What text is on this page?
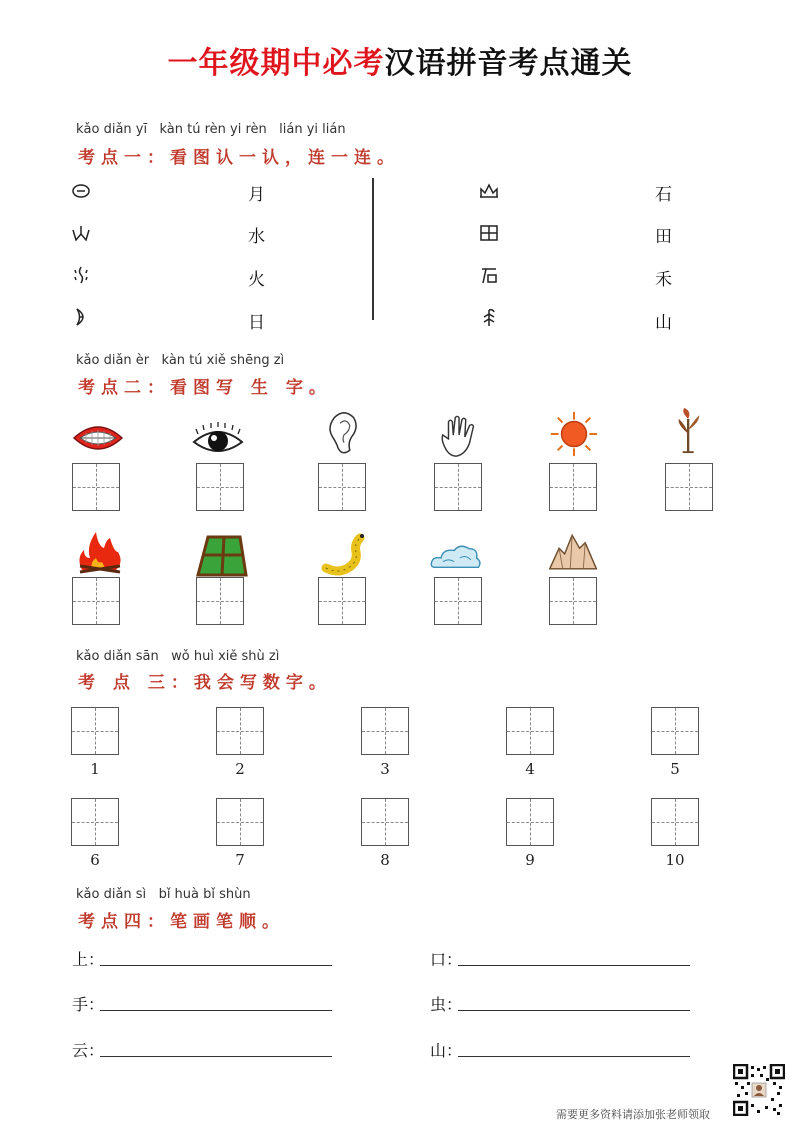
一年级期中必考汉语拼音考点通关
kǎo diǎn yī   kàn tú rèn yi rèn   lián yi lián
考点一：看图认一认，连一连。
月
水
火
日
石
田
禾
山
kǎo diǎn èr   kàn tú xiě shēng zì
考点二：看图写 生 字。
kǎo diǎn sān   wǒ huì xiě shù zì
考 点 三：我会写数字。
1	2	3	4	5
6	7	8	9	10
kǎo diǎn sì   bǐ huà bǐ shùn
考点四：笔画笔顺。
上：
手：
云：
口：
虫：
山：
需要更多资料请添加张老师领取
